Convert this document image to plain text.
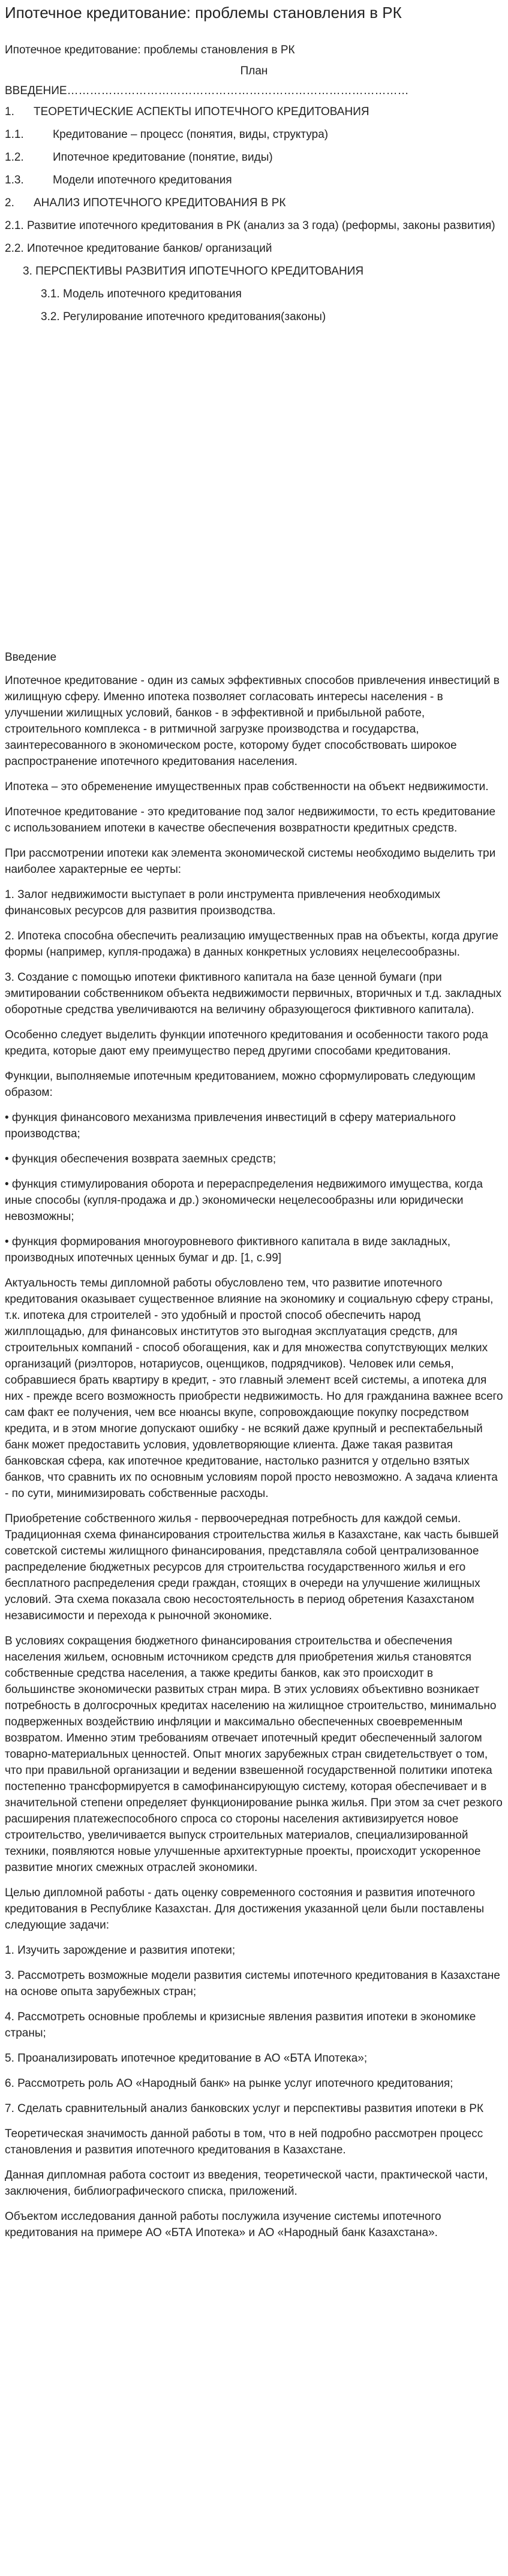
Ипотечное кредитование: проблемы становления в РК
Ипотечное кредитование: проблемы становления в РК
План
ВВЕДЕНИЕ………………………………………………………………………………
1. ТЕОРЕТИЧЕСКИЕ АСПЕКТЫ ИПОТЕЧНОГО КРЕДИТОВАНИЯ
1.1.	Кредитование – процесс (понятия, виды, структура)
1.2.	Ипотечное кредитование (понятие, виды)
1.3.	Модели ипотечного кредитования
2. АНАЛИЗ ИПОТЕЧНОГО КРЕДИТОВАНИЯ В РК
2.1. Развитие ипотечного кредитования в РК (анализ за 3 года) (реформы, законы развития)
2.2. Ипотечное кредитование банков/ организаций
3. ПЕРСПЕКТИВЫ РАЗВИТИЯ ИПОТЕЧНОГО КРЕДИТОВАНИЯ
3.1. Модель ипотечного кредитования
3.2. Регулирование ипотечного кредитования(законы)
Введение

Ипотечное кредитование - один из самых эффективных способов привлечения инвестиций в жилищную сферу. Именно ипотека позволяет согласовать интересы населения - в улучшении жилищных условий, банков - в эффективной и прибыльной работе, строительного комплекса - в ритмичной загрузке производства и государства, заинтересованного в экономическом росте, которому будет способствовать широкое распространение ипотечного кредитования населения.

Ипотека – это обременение имущественных прав собственности на объект недвижимости.

Ипотечное кредитование - это кредитование под залог недвижимости, то есть кредитование с использованием ипотеки в качестве обеспечения возвратности кредитных средств.

При рассмотрении ипотеки как элемента экономической системы необходимо выделить три наиболее характерные ее черты:

1. Залог недвижимости выступает в роли инструмента привлечения необходимых финансовых ресурсов для развития производства.

2. Ипотека способна обеспечить реализацию имущественных прав на объекты, когда другие формы (например, купля-продажа) в данных конкретных условиях нецелесообразны.

3. Создание с помощью ипотеки фиктивного капитала на базе ценной бумаги (при эмитировании собственником объекта недвижимости первичных, вторичных и т.д. закладных оборотные средства увеличиваются на величину образующегося фиктивного капитала).

Особенно следует выделить функции ипотечного кредитования и особенности такого рода кредита, которые дают ему преимущество перед другими способами кредитования.

Функции, выполняемые ипотечным кредитованием, можно сформулировать следующим образом:

• функция финансового механизма привлечения инвестиций в сферу материального производства;

• функция обеспечения возврата заемных средств;

• функция стимулирования оборота и перераспределения недвижимого имущества, когда иные способы (купля-продажа и др.) экономически нецелесообразны или юридически невозможны;

• функция формирования многоуровневого фиктивного капитала в виде закладных, производных ипотечных ценных бумаг и др. [1, с.99]

Актуальность темы дипломной работы обусловлено тем, что развитие ипотечного кредитования оказывает существенное влияние на экономику и социальную сферу страны, т.к. ипотека для строителей - это удобный и простой способ обеспечить народ жилплощадью, для финансовых институтов это выгодная эксплуатация средств, для строительных компаний - способ обогащения, как и для множества сопутствующих мелких организаций (риэлторов, нотариусов, оценщиков, подрядчиков). Человек или семья, собравшиеся брать квартиру в кредит, - это главный элемент всей системы, а ипотека для них - прежде всего возможность приобрести недвижимость. Но для гражданина важнее всего сам факт ее получения, чем все нюансы вкупе, сопровождающие покупку посредством кредита, и в этом многие допускают ошибку - не всякий даже крупный и респектабельный банк может предоставить условия, удовлетворяющие клиента. Даже такая развитая банковская сфера, как ипотечное кредитование, настолько разнится у отдельно взятых банков, что сравнить их по основным условиям порой просто невозможно. А задача клиента - по сути, минимизировать собственные расходы.

Приобретение собственного жилья - первоочередная потребность для каждой семьи. Традиционная схема финансирования строительства жилья в Казахстане, как часть бывшей советской системы жилищного финансирования, представляла собой централизованное распределение бюджетных ресурсов для строительства государственного жилья и его бесплатного распределения среди граждан, стоящих в очереди на улучшение жилищных условий. Эта схема показала свою несостоятельность в период обретения Казахстаном независимости и перехода к рыночной экономике.

В условиях сокращения бюджетного финансирования строительства и обеспечения населения жильем, основным источником средств для приобретения жилья становятся собственные средства населения, а также кредиты банков, как это происходит в большинстве экономически развитых стран мира. В этих условиях объективно возникает потребность в долгосрочных кредитах населению на жилищное строительство, минимально подверженных воздействию инфляции и максимально обеспеченных своевременным возвратом. Именно этим требованиям отвечает ипотечный кредит обеспеченный залогом товарно-материальных ценностей. Опыт многих зарубежных стран свидетельствует о том, что при правильной организации и ведении взвешенной государственной политики ипотека постепенно трансформируется в самофинансирующую систему, которая обеспечивает и в значительной степени определяет функционирование рынка жилья. При этом за счет резкого расширения платежеспособного спроса со стороны населения активизируется новое строительство, увеличивается выпуск строительных материалов, специализированной техники, появляются новые улучшенные архитектурные проекты, происходит ускоренное развитие многих смежных отраслей экономики.

Целью дипломной работы - дать оценку современного состояния и развития ипотечного кредитования в Республике Казахстан. Для достижения указанной цели были поставлены следующие задачи:

1. Изучить зарождение и развития ипотеки;

3. Рассмотреть возможные модели развития системы ипотечного кредитования в Казахстане на основе опыта зарубежных стран;

4. Рассмотреть основные проблемы и кризисные явления развития ипотеки в экономике страны;

5. Проанализировать ипотечное кредитование в АО «БТА Ипотека»;

6. Рассмотреть роль АО «Народный банк» на рынке услуг ипотечного кредитования;

7. Сделать сравнительный анализ банковских услуг и перспективы развития ипотеки в РК

Теоретическая значимость данной работы в том, что в ней подробно рассмотрен процесс становления и развития ипотечного кредитования в Казахстане.

Данная дипломная работа состоит из введения, теоретической части, практической части, заключения, библиографического списка, приложений.

Объектом исследования данной работы послужила изучение системы ипотечного кредитования на примере АО «БТА Ипотека» и АО «Народный банк Казахстана».
